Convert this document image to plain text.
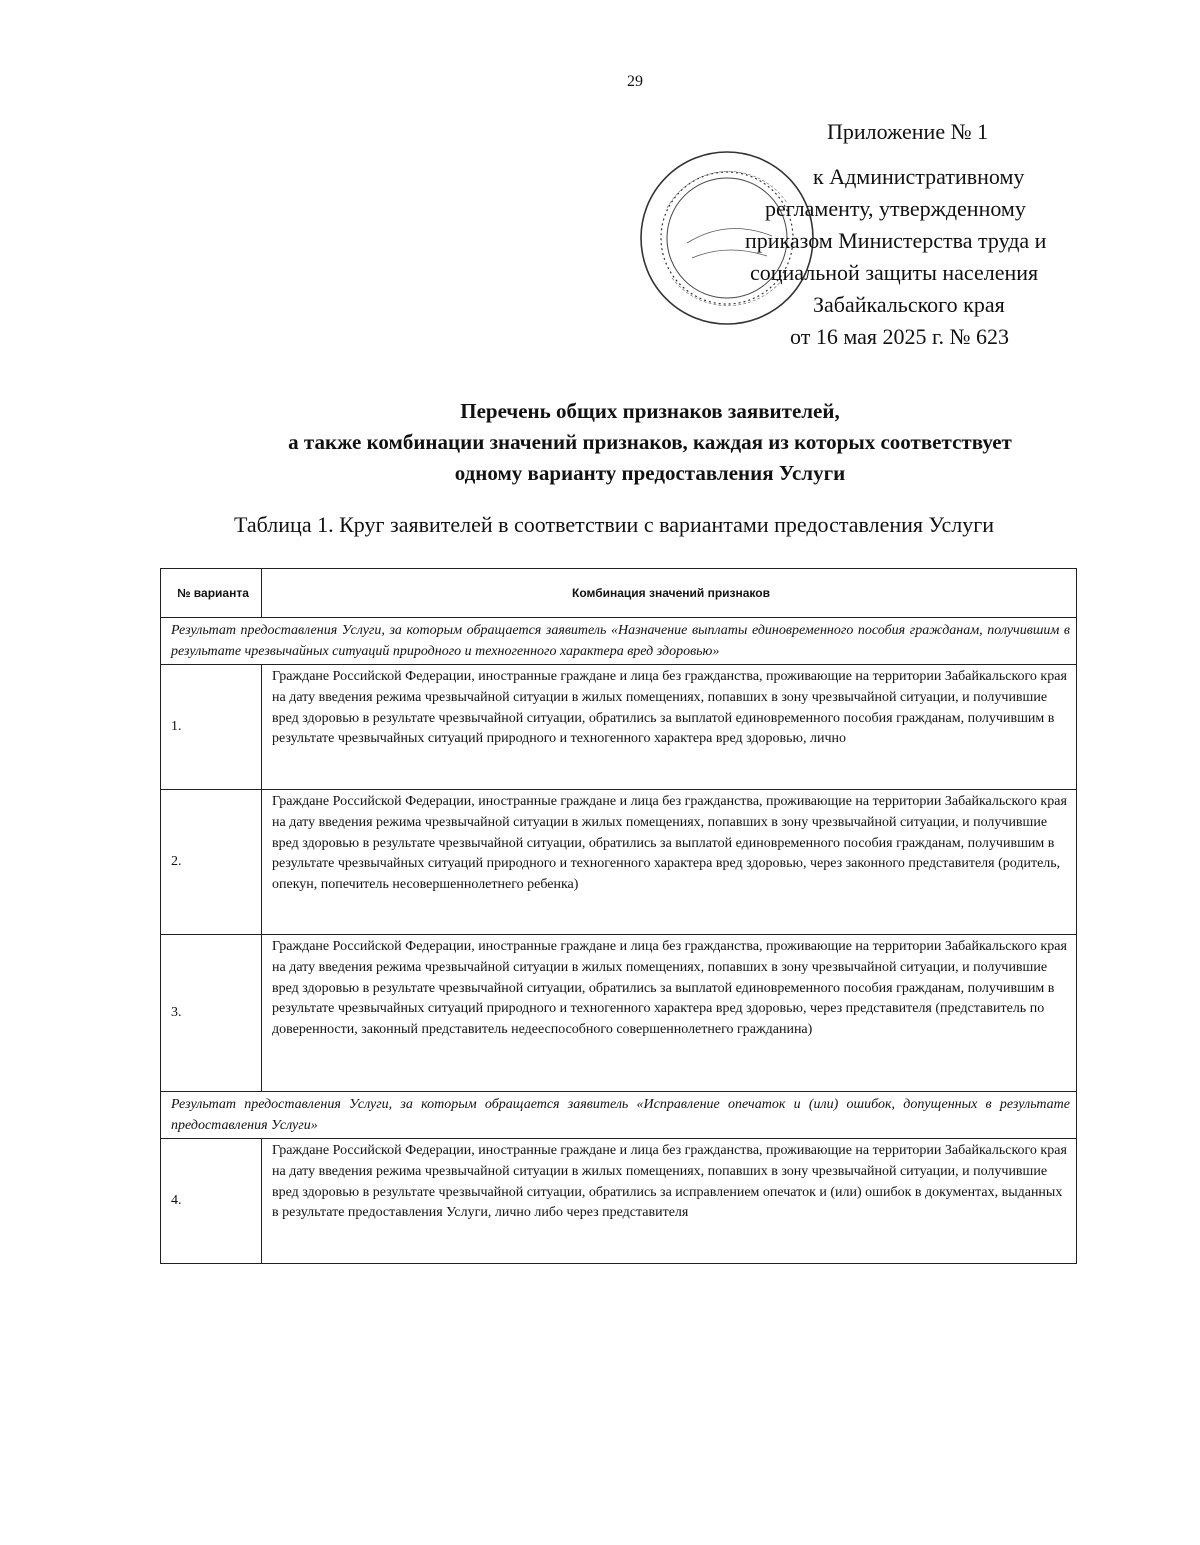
29
Приложение № 1
к Административному
регламенту, утвержденному
приказом Министерства труда и
социальной защиты населения
Забайкальского края
от 16 мая 2025 г. № 623
Перечень общих признаков заявителей,
а также комбинации значений признаков, каждая из которых соответствует
одному варианту предоставления Услуги
Таблица 1. Круг заявителей в соответствии с вариантами предоставления Услуги
№ варианта	Комбинация значений признаков
Результат предоставления Услуги, за которым обращается заявитель «Назначение выплаты единовременного пособия гражданам, получившим в результате чрезвычайных ситуаций природного и техногенного характера вред здоровью»	
1.	Граждане Российской Федерации, иностранные граждане и лица без гражданства, проживающие на территории Забайкальского края на дату введения режима чрезвычайной ситуации в жилых помещениях, попавших в зону чрезвычайной ситуации, и получившие вред здоровью в результате чрезвычайной ситуации, обратились за выплатой единовременного пособия гражданам, получившим в результате чрезвычайных ситуаций природного и техногенного характера вред здоровью, лично
2.	Граждане Российской Федерации, иностранные граждане и лица без гражданства, проживающие на территории Забайкальского края на дату введения режима чрезвычайной ситуации в жилых помещениях, попавших в зону чрезвычайной ситуации, и получившие вред здоровью в результате чрезвычайной ситуации, обратились за выплатой единовременного пособия гражданам, получившим в результате чрезвычайных ситуаций природного и техногенного характера вред здоровью, через законного представителя (родитель, опекун, попечитель несовершеннолетнего ребенка)
3.	Граждане Российской Федерации, иностранные граждане и лица без гражданства, проживающие на территории Забайкальского края на дату введения режима чрезвычайной ситуации в жилых помещениях, попавших в зону чрезвычайной ситуации, и получившие вред здоровью в результате чрезвычайной ситуации, обратились за выплатой единовременного пособия гражданам, получившим в результате чрезвычайных ситуаций природного и техногенного характера вред здоровью, через представителя (представитель по доверенности, законный представитель недееспособного совершеннолетнего гражданина)
Результат предоставления Услуги, за которым обращается заявитель «Исправление опечаток и (или) ошибок, допущенных в результате предоставления Услуги»	
4.	Граждане Российской Федерации, иностранные граждане и лица без гражданства, проживающие на территории Забайкальского края на дату введения режима чрезвычайной ситуации в жилых помещениях, попавших в зону чрезвычайной ситуации, и получившие вред здоровью в результате чрезвычайной ситуации, обратились за исправлением опечаток и (или) ошибок в документах, выданных в результате предоставления Услуги, лично либо через представителя
